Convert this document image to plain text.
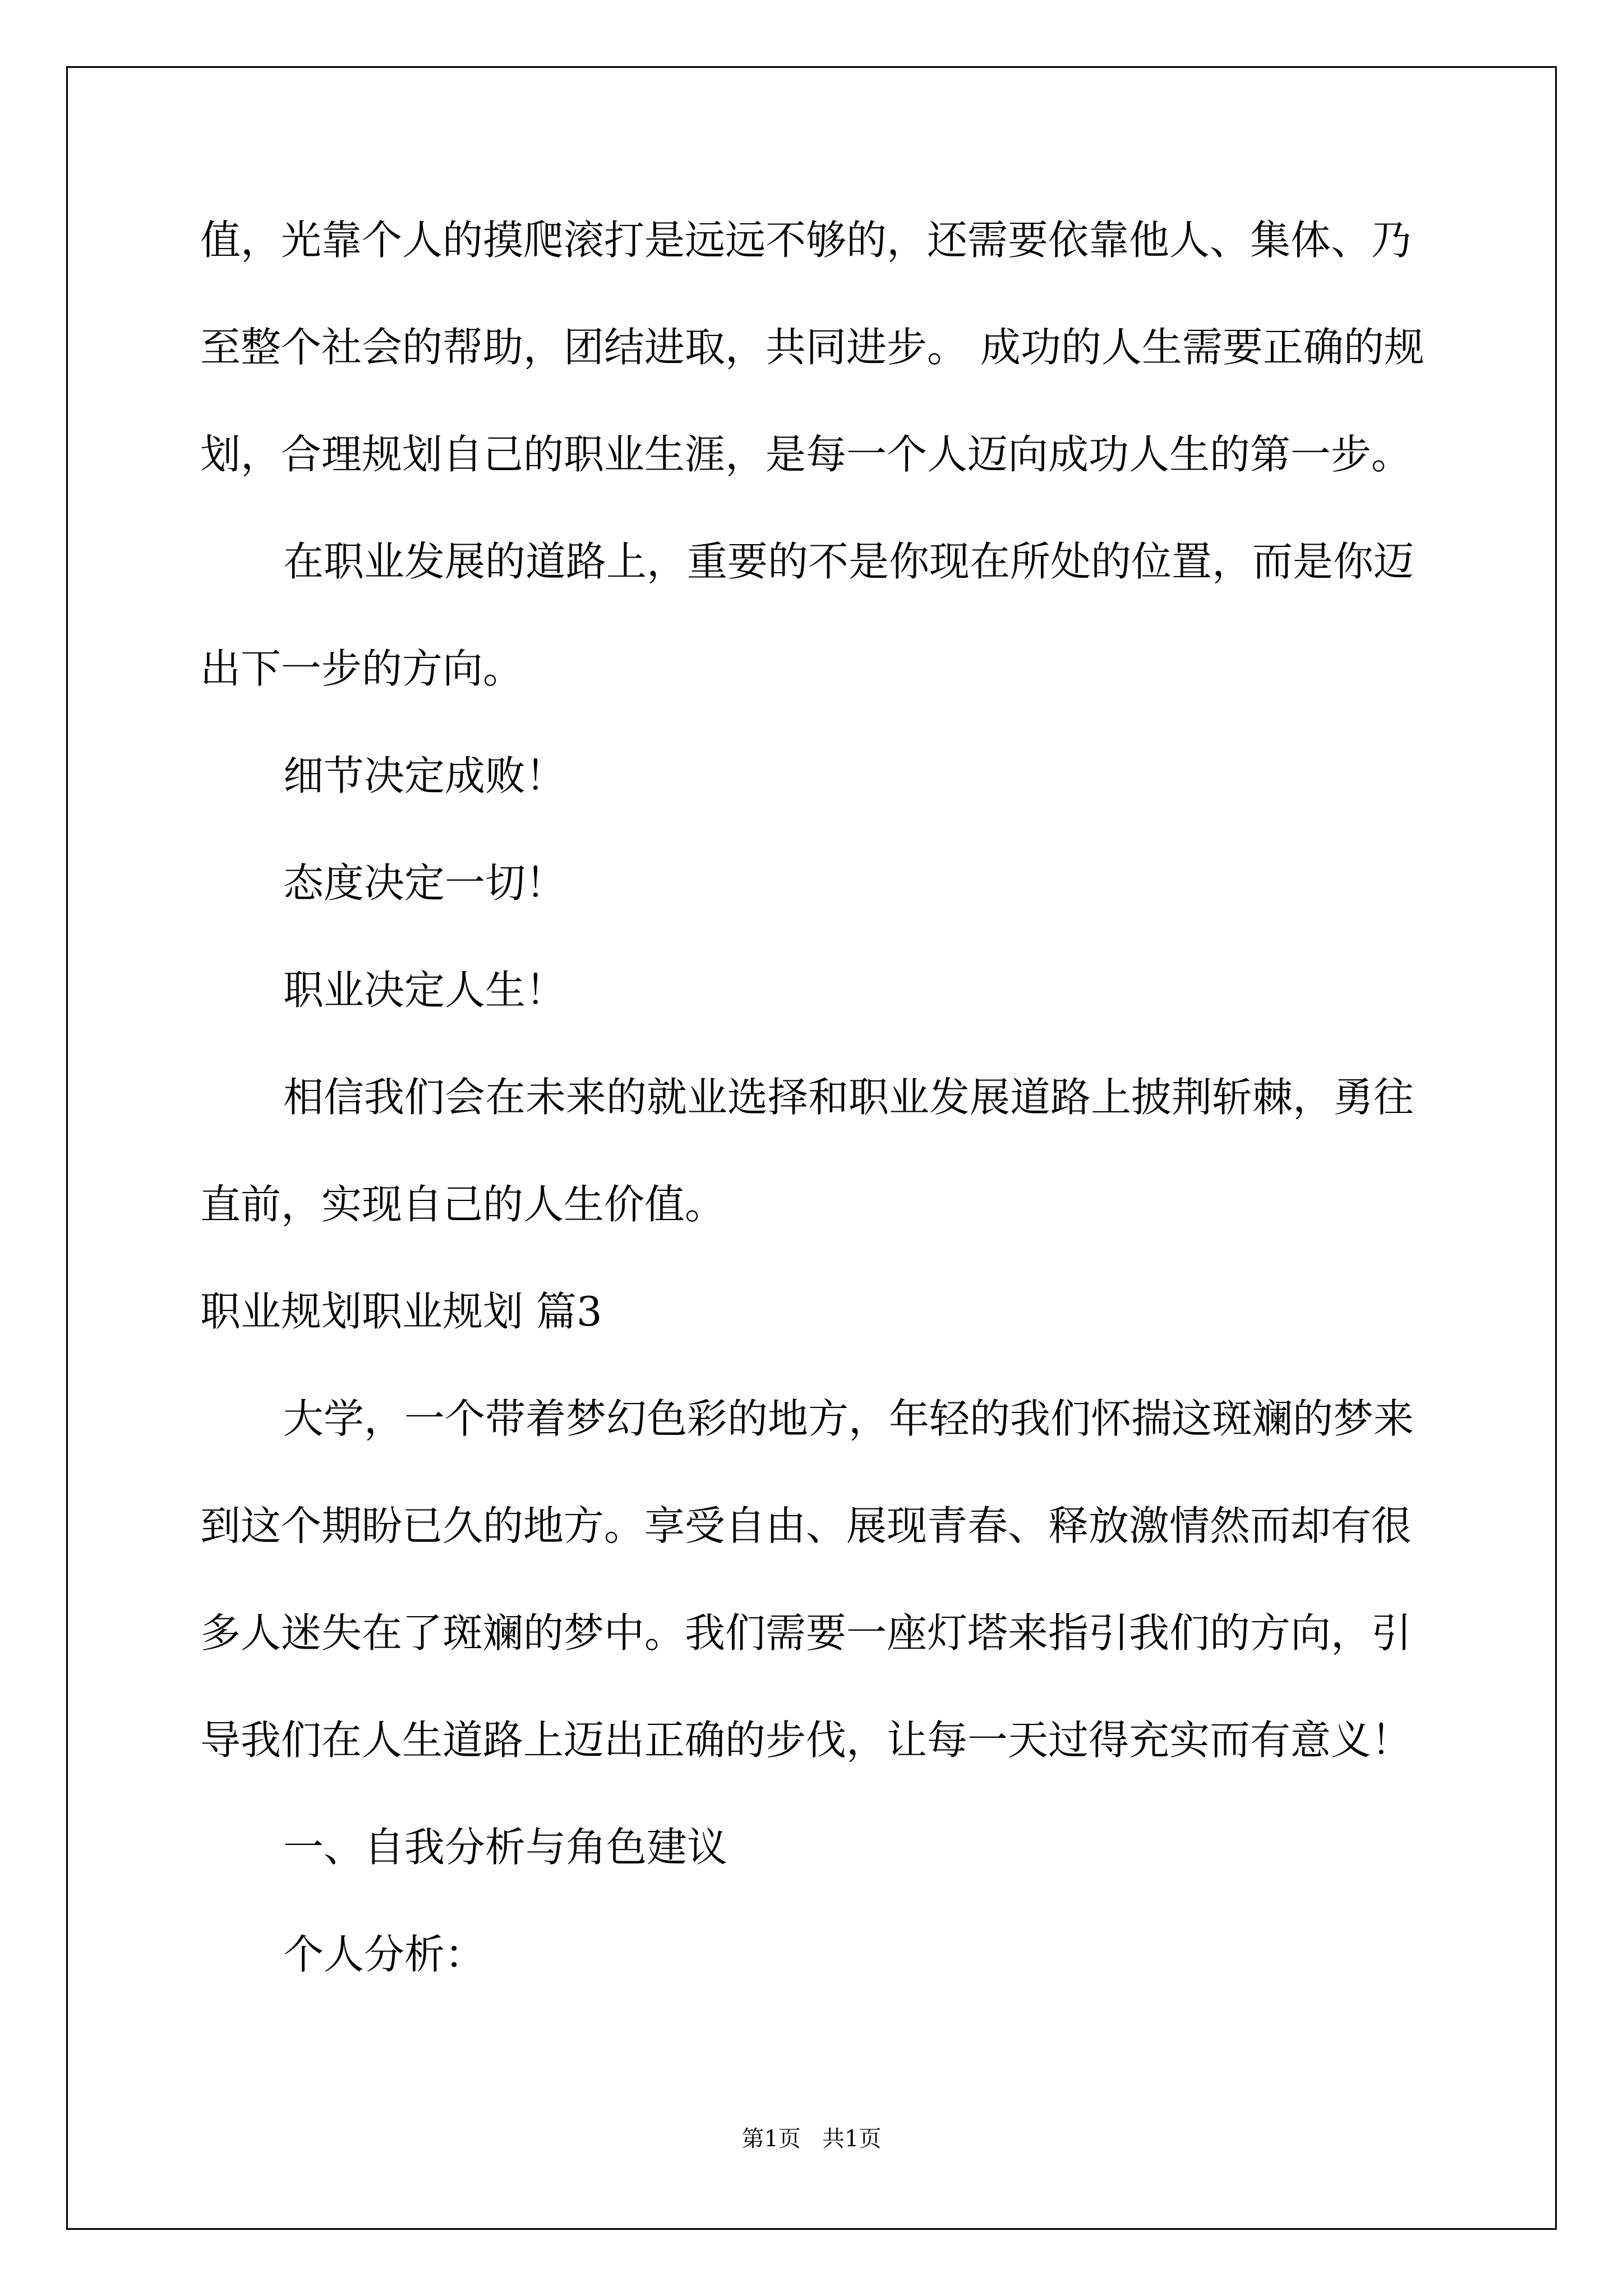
值，光靠个人的摸爬滚打是远远不够的，还需要依靠他人、集体、乃
至整个社会的帮助，团结进取，共同进步。 成功的人生需要正确的规
划，合理规划自己的职业生涯，是每一个人迈向成功人生的第一步。
在职业发展的道路上，重要的不是你现在所处的位置，而是你迈
出下一步的方向。
细节决定成败！
态度决定一切！
职业决定人生！
相信我们会在未来的就业选择和职业发展道路上披荆斩棘，勇往
直前，实现自己的人生价值。
职业规划职业规划 篇3
大学，一个带着梦幻色彩的地方，年轻的我们怀揣这斑斓的梦来
到这个期盼已久的地方。享受自由、展现青春、释放激情然而却有很
多人迷失在了斑斓的梦中。我们需要一座灯塔来指引我们的方向，引
导我们在人生道路上迈出正确的步伐，让每一天过得充实而有意义！
一、自我分析与角色建议
个人分析：
第1页   共1页
